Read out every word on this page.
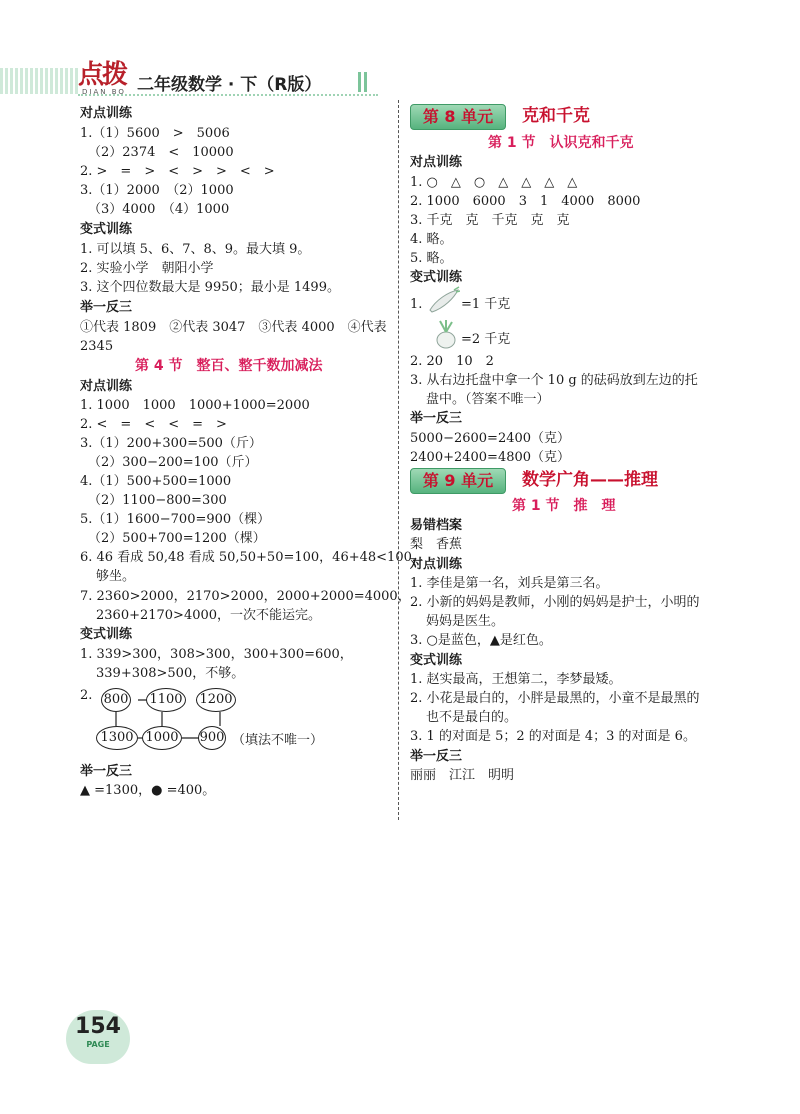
点拨
DIAN BO 二年级数学 · 下（R版）
对点训练
1.（1）5600　>　5006
（2）2374　<　10000
2. >　=　>　<　>　>　<　>
3.（1）2000　（2）1000
（3）4000　（4）1000
变式训练
1. 可以填 5、6、7、8、9。最大填 9。
2. 实验小学　朝阳小学
3. 这个四位数最大是 9950；最小是 1499。
举一反三
①代表 1809　②代表 3047　③代表 4000　④代表
2345
第 4 节　整百、整千数加减法
对点训练
1. 1000　1000　1000+1000=2000
2. <　=　<　<　=　>
3.（1）200+300=500（斤）
（2）300−200=100（斤）
4.（1）500+500=1000
（2）1100−800=300
5.（1）1600−700=900（棵）
（2）500+700=1200（棵）
6. 46 看成 50,48 看成 50,50+50=100，46+48<100，
够坐。
7. 2360>2000，2170>2000，2000+2000=4000，
2360+2170>4000，一次不能运完。
变式训练
1. 339>300，308>300，300+300=600，
339+308>500，不够。
2. 800 1100 1200
1300 1000 900 （填法不唯一）
举一反三
▲ =1300，● =400。
第 8 单元	克和千克
第 1 节　认识克和千克
对点训练
1. ○　△　○　△　△　△　△
2. 1000　6000　3　1　4000　8000
3. 千克　克　千克　克　克
4. 略。
5. 略。
变式训练
1.	=1 千克
=2 千克
2. 20　10　2
3. 从右边托盘中拿一个 10 g 的砝码放到左边的托
盘中。（答案不唯一）
举一反三
5000−2600=2400（克）
2400+2400=4800（克）
第 9 单元	数学广角——推理
第 1 节　推　理
易错档案
梨　香蕉
对点训练
1. 李佳是第一名，刘兵是第三名。
2. 小新的妈妈是教师，小刚的妈妈是护士，小明的
妈妈是医生。
3. ○是蓝色，▲是红色。
变式训练
1. 赵实最高，王想第二，李梦最矮。
2. 小花是最白的，小胖是最黑的，小童不是最黑的
也不是最白的。
3. 1 的对面是 5；2 的对面是 4；3 的对面是 6。
举一反三
丽丽　江江　明明
154
PAGE
